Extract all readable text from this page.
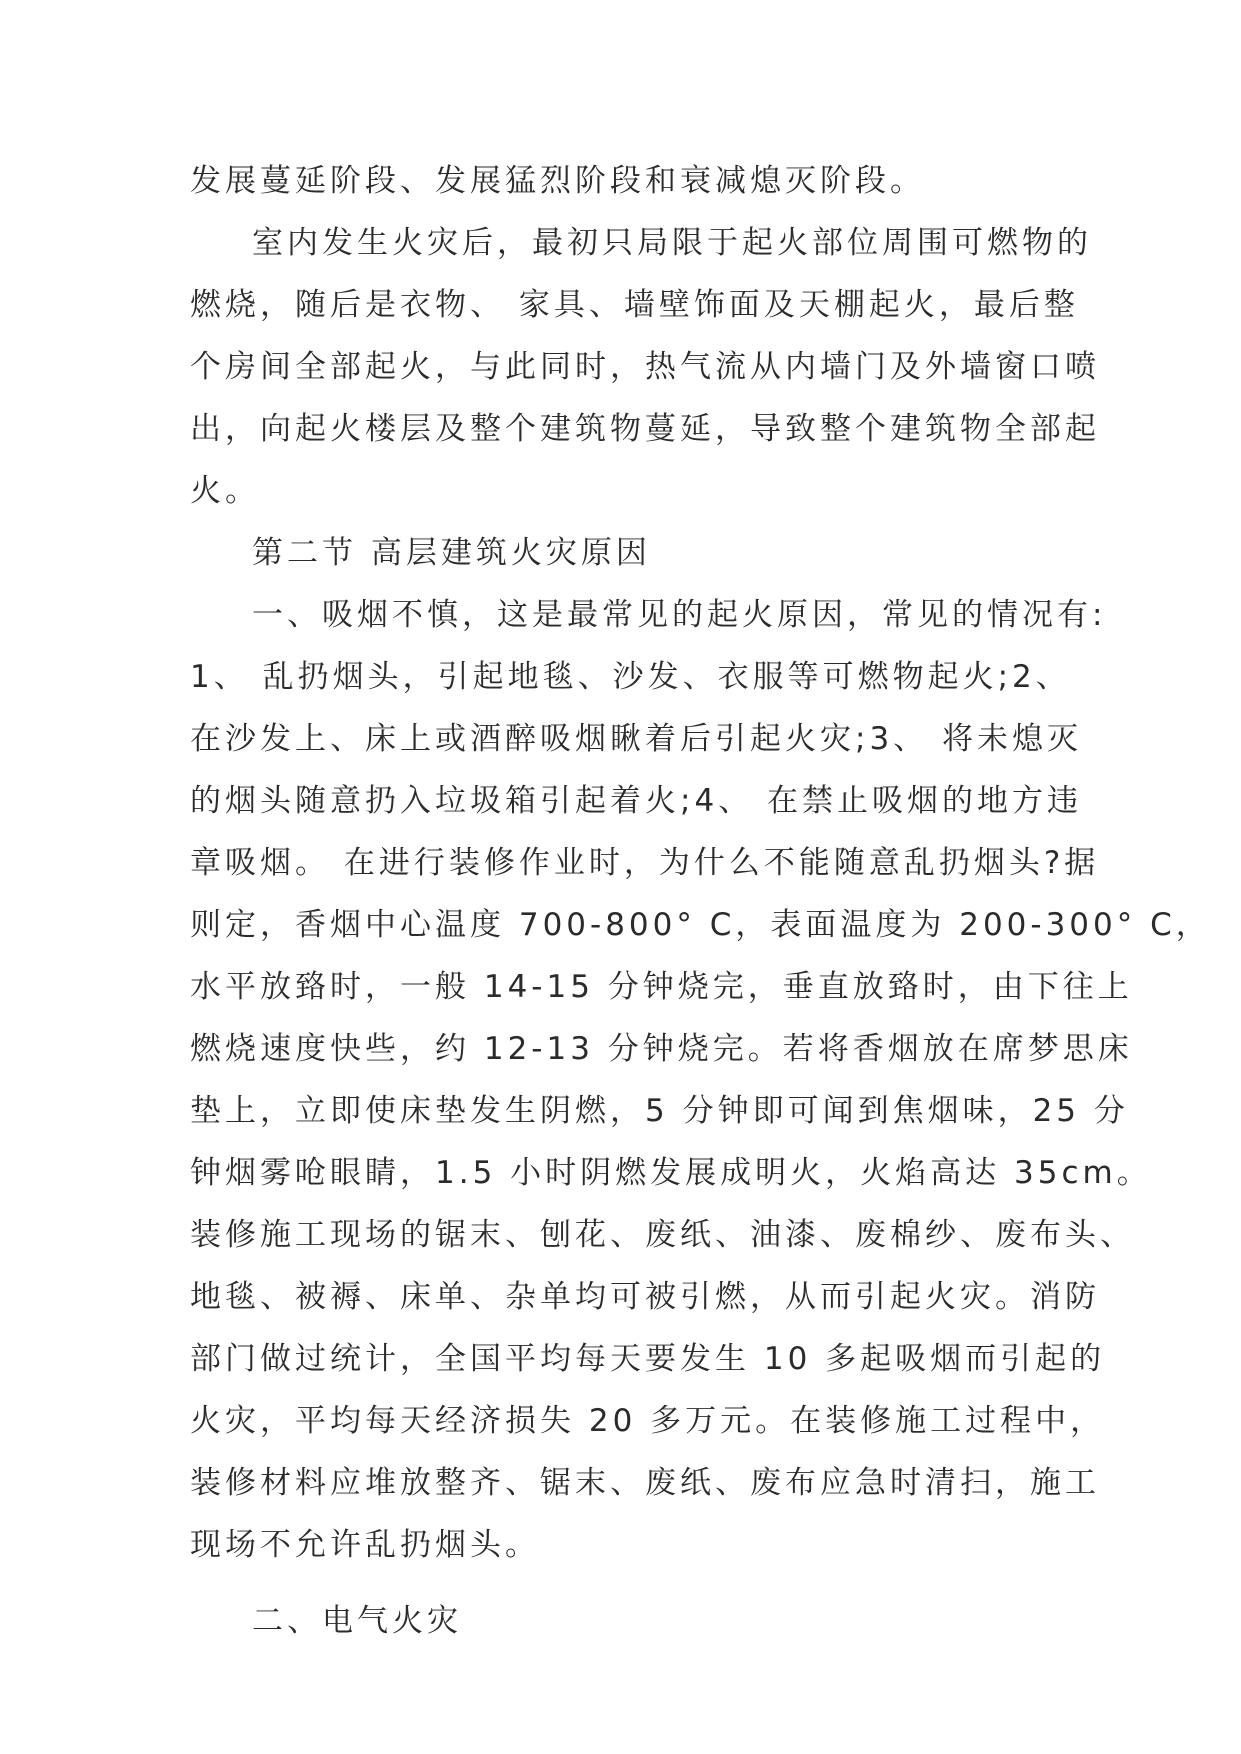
发展蔓延阶段、发展猛烈阶段和衰减熄灭阶段。

室内发生火灾后，最初只局限于起火部位周围可燃物的

燃烧，随后是衣物、 家具、墙壁饰面及天棚起火，最后整

个房间全部起火，与此同时，热气流从内墙门及外墙窗口喷

出，向起火楼层及整个建筑物蔓延，导致整个建筑物全部起

火。

第二节 高层建筑火灾原因

一、吸烟不慎，这是最常见的起火原因，常见的情况有:

1、 乱扔烟头，引起地毯、沙发、衣服等可燃物起火;2、

在沙发上、床上或酒醉吸烟瞅着后引起火灾;3、 将未熄灭

的烟头随意扔入垃圾箱引起着火;4、 在禁止吸烟的地方违

章吸烟。 在进行装修作业时，为什么不能随意乱扔烟头?据

则定，香烟中心温度 700-800° C，表面温度为 200-300° C，

水平放臵时，一般 14-15 分钟烧完，垂直放臵时，由下往上

燃烧速度快些，约 12-13 分钟烧完。若将香烟放在席梦思床

垫上，立即使床垫发生阴燃，5 分钟即可闻到焦烟味，25 分

钟烟雾呛眼睛，1.5 小时阴燃发展成明火，火焰高达 35cm。

装修施工现场的锯末、刨花、废纸、油漆、废棉纱、废布头、

地毯、被褥、床单、杂单均可被引燃，从而引起火灾。消防

部门做过统计，全国平均每天要发生 10 多起吸烟而引起的

火灾，平均每天经济损失 20 多万元。在装修施工过程中，

装修材料应堆放整齐、锯末、废纸、废布应急时清扫，施工

现场不允许乱扔烟头。

二、电气火灾
